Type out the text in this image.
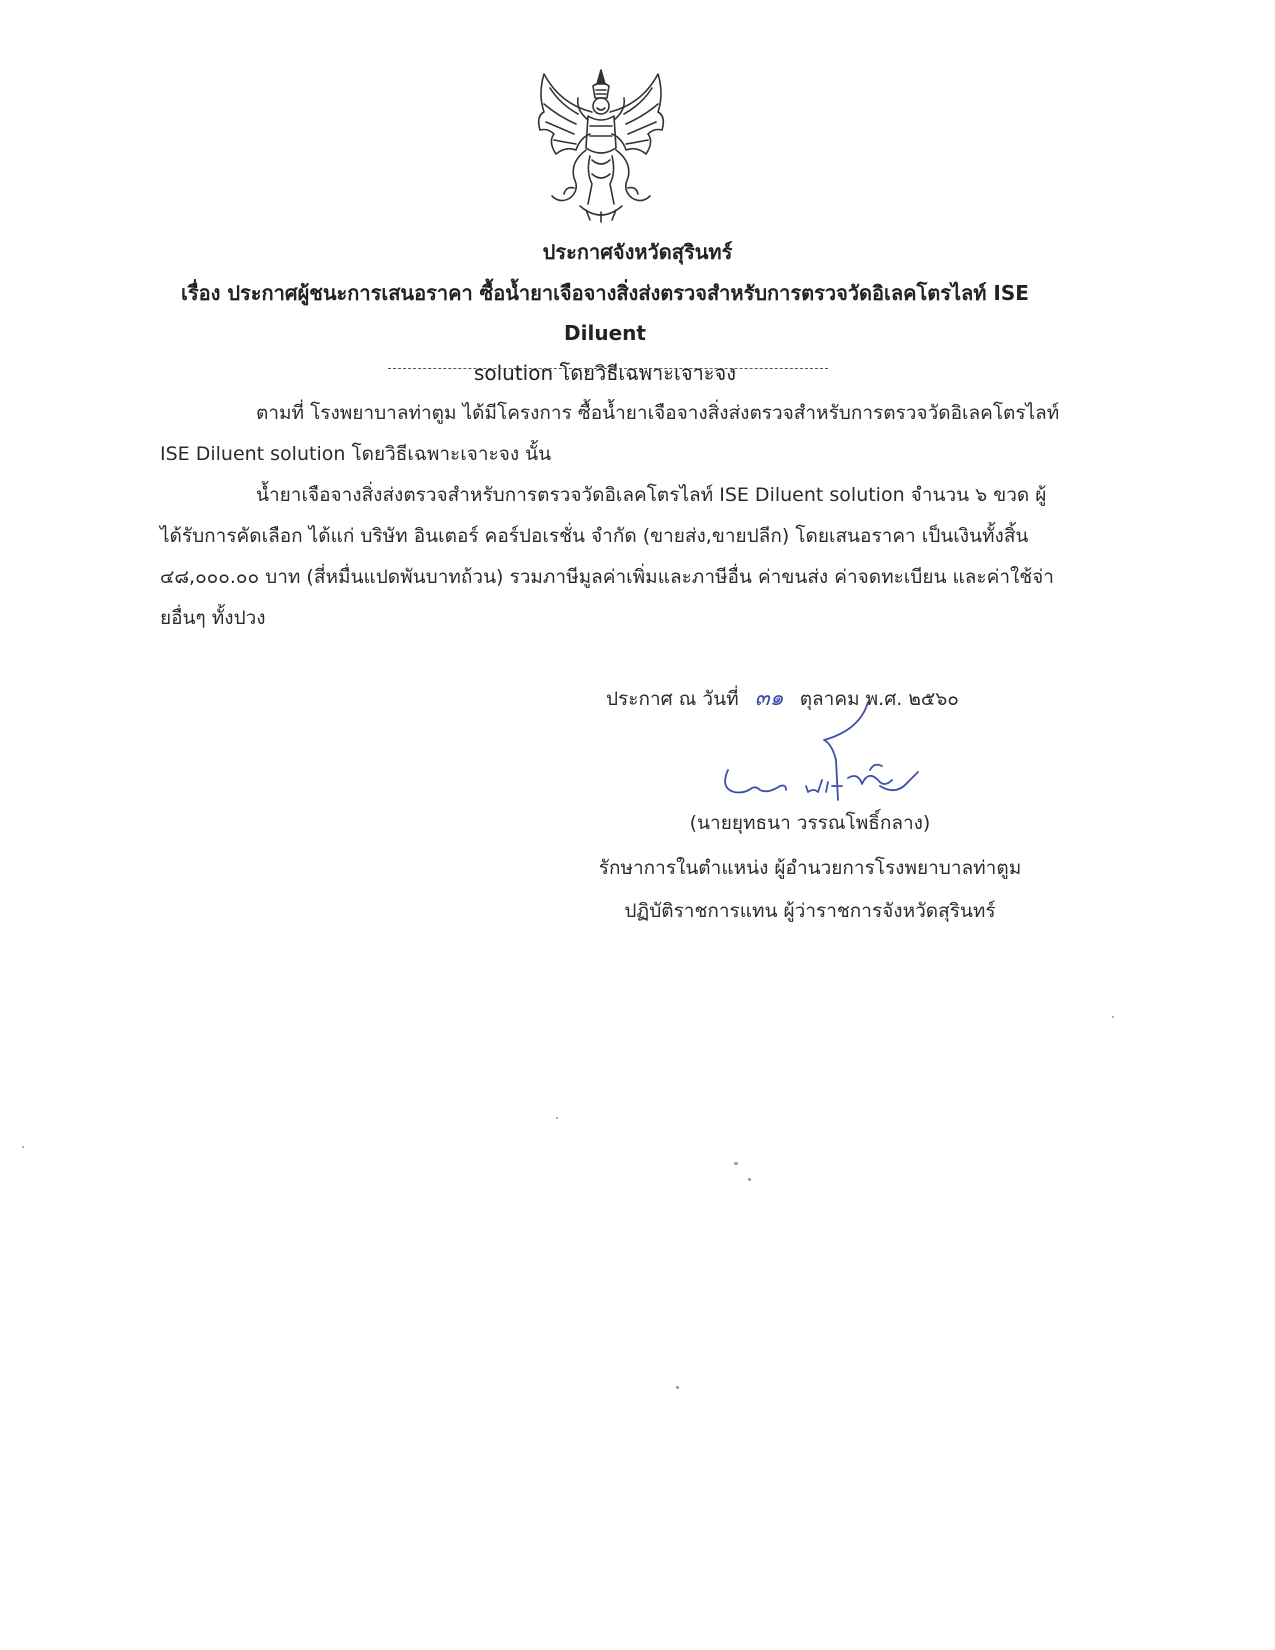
ประกาศจังหวัดสุรินทร์
เรื่อง ประกาศผู้ชนะการเสนอราคา ซื้อน้ำยาเจือจางสิ่งส่งตรวจสำหรับการตรวจวัดอิเลคโตรไลท์ ISE Diluent
solution โดยวิธีเฉพาะเจาะจง
ตามที่ โรงพยาบาลท่าตูม ได้มีโครงการ ซื้อน้ำยาเจือจางสิ่งส่งตรวจสำหรับการตรวจวัดอิเลคโตรไลท์ ISE Diluent solution โดยวิธีเฉพาะเจาะจง นั้น
น้ำยาเจือจางสิ่งส่งตรวจสำหรับการตรวจวัดอิเลคโตรไลท์ ISE Diluent solution จำนวน ๖ ขวด ผู้ได้รับการคัดเลือก ได้แก่ บริษัท อินเตอร์ คอร์ปอเรชั่น จำกัด (ขายส่ง,ขายปลีก) โดยเสนอราคา เป็นเงินทั้งสิ้น ๔๘,๐๐๐.๐๐ บาท (สี่หมื่นแปดพันบาทถ้วน) รวมภาษีมูลค่าเพิ่มและภาษีอื่น ค่าขนส่ง ค่าจดทะเบียน และค่าใช้จ่ายอื่นๆ ทั้งปวง
ประกาศ ณ วันที่ ๓๑ ตุลาคม พ.ศ. ๒๕๖๐
(นายยุทธนา วรรณโพธิ์กลาง)
รักษาการในตำแหน่ง ผู้อำนวยการโรงพยาบาลท่าตูม
ปฏิบัติราชการแทน ผู้ว่าราชการจังหวัดสุรินทร์
